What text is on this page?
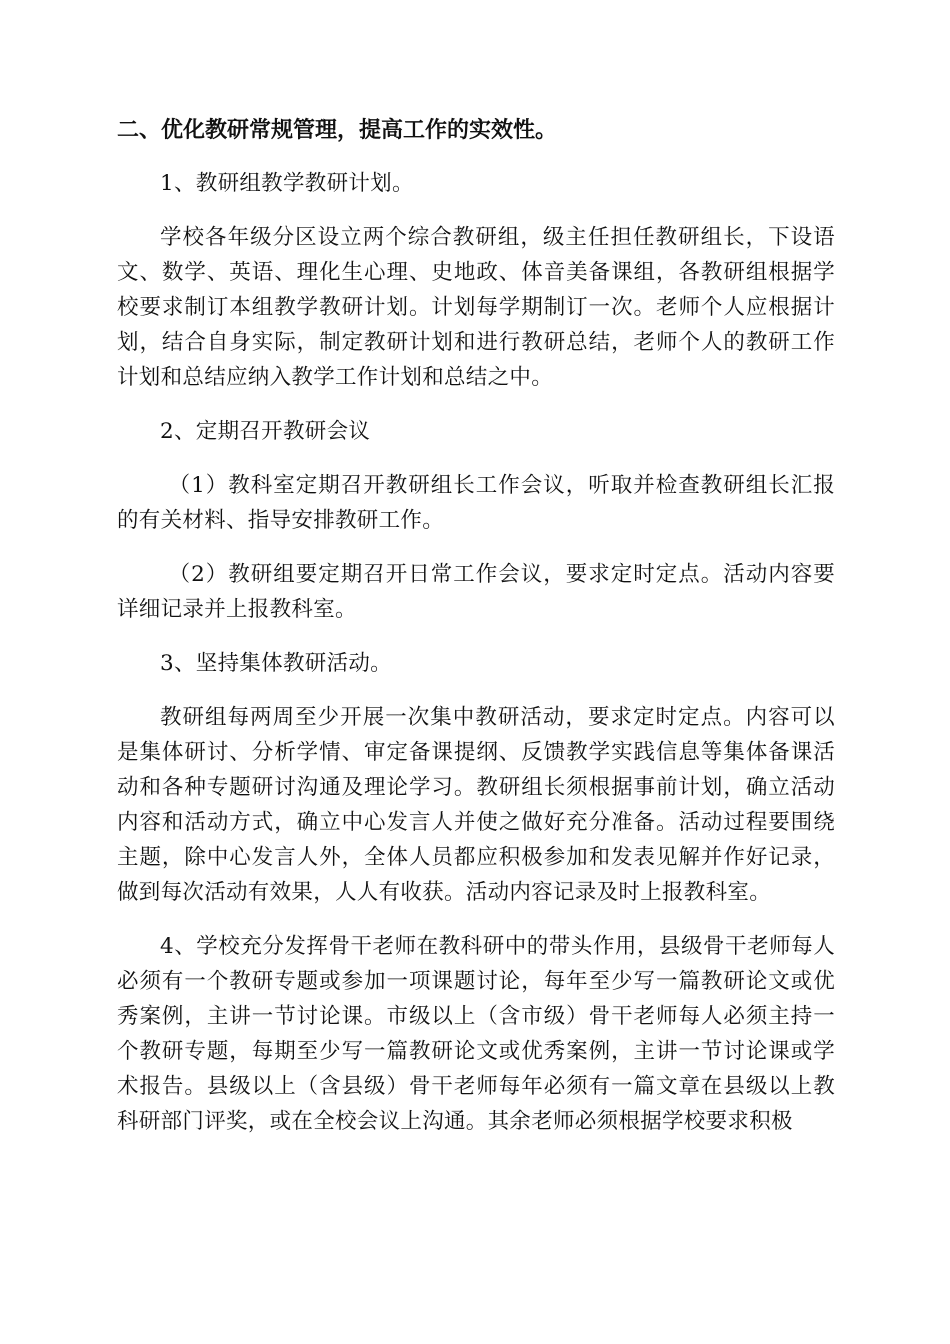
二、优化教研常规管理，提高工作的实效性。

1、教研组教学教研计划。

学校各年级分区设立两个综合教研组，级主任担任教研组长，下设语文、数学、英语、理化生心理、史地政、体音美备课组，各教研组根据学校要求制订本组教学教研计划。计划每学期制订一次。老师个人应根据计划，结合自身实际，制定教研计划和进行教研总结，老师个人的教研工作计划和总结应纳入教学工作计划和总结之中。

2、定期召开教研会议

（1）教科室定期召开教研组长工作会议，听取并检查教研组长汇报的有关材料、指导安排教研工作。

（2）教研组要定期召开日常工作会议，要求定时定点。活动内容要详细记录并上报教科室。

3、坚持集体教研活动。

教研组每两周至少开展一次集中教研活动，要求定时定点。内容可以是集体研讨、分析学情、审定备课提纲、反馈教学实践信息等集体备课活动和各种专题研讨沟通及理论学习。教研组长须根据事前计划，确立活动内容和活动方式，确立中心发言人并使之做好充分准备。活动过程要围绕主题，除中心发言人外，全体人员都应积极参加和发表见解并作好记录，做到每次活动有效果，人人有收获。活动内容记录及时上报教科室。

4、学校充分发挥骨干老师在教科研中的带头作用，县级骨干老师每人必须有一个教研专题或参加一项课题讨论，每年至少写一篇教研论文或优秀案例，主讲一节讨论课。市级以上（含市级）骨干老师每人必须主持一个教研专题，每期至少写一篇教研论文或优秀案例，主讲一节讨论课或学术报告。县级以上（含县级）骨干老师每年必须有一篇文章在县级以上教科研部门评奖，或在全校会议上沟通。其余老师必须根据学校要求积极
